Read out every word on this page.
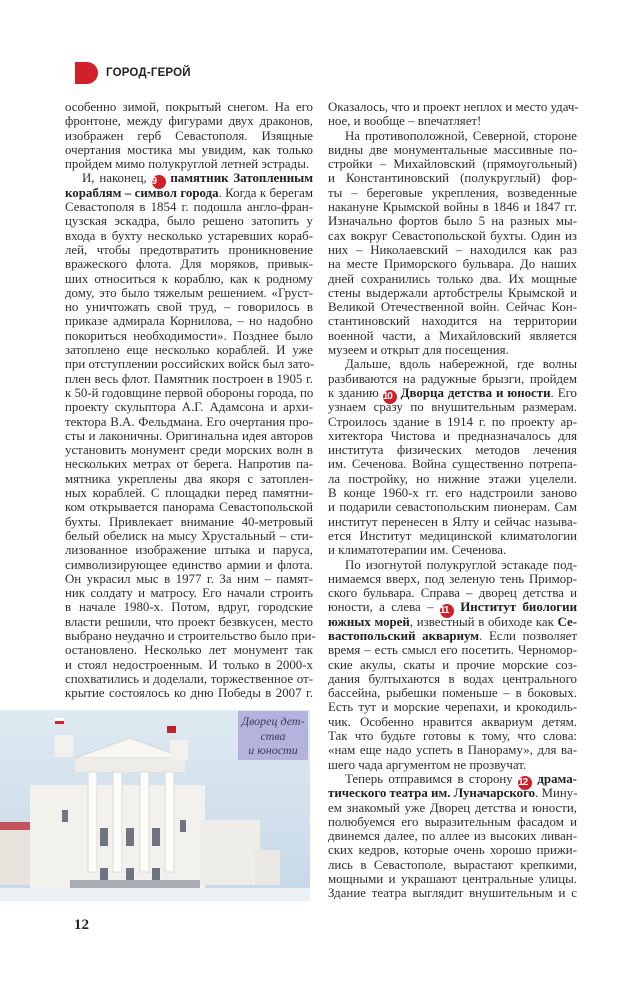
ГОРОД-ГЕРОЙ
особенно зимой, покрытый снегом. На его
фронтоне, между фигурами двух драконов,
изображен герб Севастополя. Изящные
очертания мостика мы увидим, как только
пройдем мимо полукруглой летней эстрады.
И, наконец, 9 памятник Затопленным
кораблям – символ города. Когда к берегам
Севастополя в 1854 г. подошла англо-фран-
цузская эскадра, было решено затопить у
входа в бухту несколько устаревших кораб-
лей, чтобы предотвратить проникновение
вражеского флота. Для моряков, привык-
ших относиться к кораблю, как к родному
дому, это было тяжелым решением. «Груст-
но уничтожать свой труд, – говорилось в
приказе адмирала Корнилова, – но надобно
покориться необходимости». Позднее было
затоплено еще несколько кораблей. И уже
при отступлении российских войск был зато-
плен весь флот. Памятник построен в 1905 г.
к 50-й годовщине первой обороны города, по
проекту скульптора А.Г. Адамсона и архи-
тектора В.А. Фельдмана. Его очертания про-
сты и лаконичны. Оригинальна идея авторов
установить монумент среди морских волн в
нескольких метрах от берега. Напротив па-
мятника укреплены два якоря с затоплен-
ных кораблей. С площадки перед памятни-
ком открывается панорама Севастопольской
бухты. Привлекает внимание 40-метровый
белый обелиск на мысу Хрустальный – сти-
лизованное изображение штыка и паруса,
символизирующее единство армии и флота.
Он украсил мыс в 1977 г. За ним – памят-
ник солдату и матросу. Его начали строить
в начале 1980-х. Потом, вдруг, городские
власти решили, что проект безвкусен, место
выбрано неудачно и строительство было при-
остановлено. Несколько лет монумент так
и стоял недостроенным. И только в 2000-х
спохватились и доделали, торжественное от-
крытие состоялось ко дню Победы в 2007 г.
Оказалось, что и проект неплох и место удач-
ное, и вообще – впечатляет!
На противоположной, Северной, стороне
видны две монументальные массивные по-
стройки – Михайловский (прямоугольный)
и Константиновский (полукруглый) фор-
ты – береговые укрепления, возведенные
накануне Крымской войны в 1846 и 1847 гг.
Изначально фортов было 5 на разных мы-
сах вокруг Севастопольской бухты. Один из
них – Николаевский – находился как раз
на месте Приморского бульвара. До наших
дней сохранились только два. Их мощные
стены выдержали артобстрелы Крымской и
Великой Отечественной войн. Сейчас Кон-
стантиновский находится на территории
военной части, а Михайловский является
музеем и открыт для посещения.
Дальше, вдоль набережной, где волны
разбиваются на радужные брызги, пройдем
к зданию 10 Дворца детства и юности. Его
узнаем сразу по внушительным размерам.
Строилось здание в 1914 г. по проекту ар-
хитектора Чистова и предназначалось для
института физических методов лечения
им. Сеченова. Война существенно потрепа-
ла постройку, но нижние этажи уцелели.
В конце 1960-х гг. его надстроили заново
и подарили севастопольским пионерам. Сам
институт перенесен в Ялту и сейчас называ-
ется Институт медицинской климатологии
и климатотерапии им. Сеченова.
По изогнутой полукруглой эстакаде под-
нимаемся вверх, под зеленую тень Примор-
ского бульвара. Справа – дворец детства и
юности, а слева – 11 Институт биологии
южных морей, известный в обиходе как Се-
вастопольский аквариум. Если позволяет
время – есть смысл его посетить. Черномор-
ские акулы, скаты и прочие морские соз-
дания бултыхаются в водах центрального
бассейна, рыбешки поменьше – в боковых.
Есть тут и морские черепахи, и крокодиль-
чик. Особенно нравится аквариум детям.
Так что будьте готовы к тому, что слова:
«нам еще надо успеть в Панораму», для ва-
шего чада аргументом не прозвучат.
Теперь отправимся в сторону 12 драма-
тического театра им. Луначарского. Мину-
ем знакомый уже Дворец детства и юности,
полюбуемся его выразительным фасадом и
двинемся далее, по аллее из высоких ливан-
ских кедров, которые очень хорошо прижи-
лись в Севастополе, вырастают крепкими,
мощными и украшают центральные улицы.
Здание театра выглядит внушительным и с
Дворец дет-
ства
и юности
12
